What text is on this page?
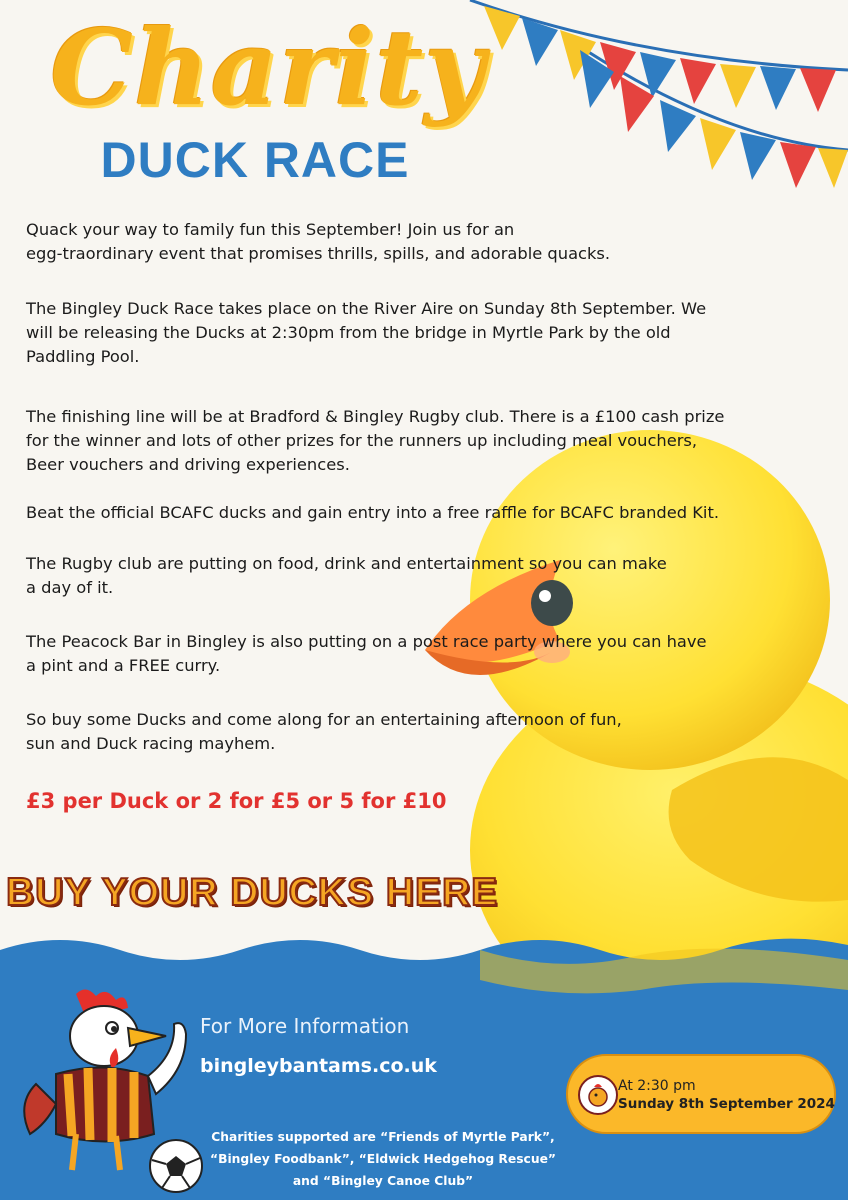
Charity
DUCK RACE
Quack your way to family fun this September! Join us for an
egg-traordinary event that promises thrills, spills, and adorable quacks.
The Bingley Duck Race takes place on the River Aire on Sunday 8th September. We
will be releasing the Ducks at 2:30pm from the bridge in Myrtle Park by the old
Paddling Pool.
The finishing line will be at Bradford & Bingley Rugby club. There is a £100 cash prize
for the winner and lots of other prizes for the runners up including meal vouchers,
Beer vouchers and driving experiences.
Beat the official BCAFC ducks and gain entry into a free raffle for BCAFC branded Kit.
The Rugby club are putting on food, drink and entertainment so you can make
a day of it.
The Peacock Bar in Bingley is also putting on a post race party where you can have
a pint and a FREE curry.
So buy some Ducks and come along for an entertaining afternoon of fun,
sun and Duck racing mayhem.
£3 per Duck or 2 for £5 or 5 for £10
BUY YOUR DUCKS HERE
For More Information
bingleybantams.co.uk
Charities supported are “Friends of Myrtle Park”,
“Bingley Foodbank”, “Eldwick Hedgehog Rescue”
and “Bingley Canoe Club”
At 2:30 pm
Sunday 8th September 2024
